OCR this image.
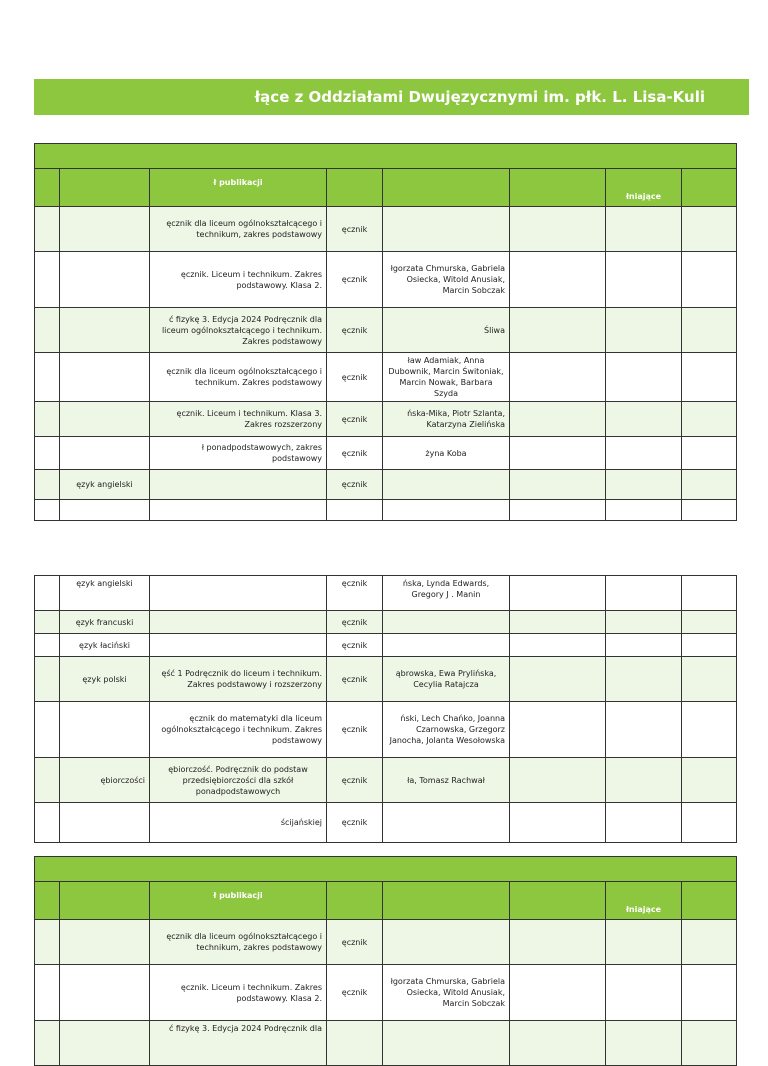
łące z Oddziałami Dwujęzycznymi im. płk. L. Lisa-Kuli

		ł publikacji				łniające	
		ęcznik dla liceum ogólnokształcącego i technikum, zakres podstawowy	ęcznik				
		ęcznik. Liceum i technikum. Zakres podstawowy. Klasa 2.	ęcznik	łgorzata Chmurska, Gabriela Osiecka, Witold Anusiak, Marcin Sobczak			
		ć fizykę 3. Edycja 2024 Podręcznik dla liceum ogólnokształcącego i technikum. Zakres podstawowy	ęcznik	Śliwa			
		ęcznik dla liceum ogólnokształcącego i technikum. Zakres podstawowy	ęcznik	ław Adamiak, Anna Dubownik, Marcin Świtoniak, Marcin Nowak, Barbara Szyda			
		ęcznik. Liceum i technikum. Klasa 3. Zakres rozszerzony	ęcznik	ńska-Mika, Piotr Szlanta, Katarzyna Zielińska			
		ł ponadpodstawowych, zakres podstawowy	ęcznik	żyna Koba			
	ęzyk angielski		ęcznik				

	ęzyk angielski		ęcznik	ńska, Lynda Edwards, Gregory J . Manin			
	ęzyk francuski		ęcznik				
	ęzyk łaciński		ęcznik				
	ęzyk polski	ęść 1 Podręcznik do liceum i technikum. Zakres podstawowy i rozszerzony	ęcznik	ąbrowska, Ewa Prylińska, Cecylia Ratajcza			
		ęcznik do matematyki dla liceum ogólnokształcącego i technikum. Zakres podstawowy	ęcznik	ński, Lech Chańko, Joanna Czarnowska, Grzegorz Janocha, Jolanta Wesołowska			
	ębiorczości	ębiorczość. Podręcznik do podstaw przedsiębiorczości dla szkół ponadpodstawowych	ęcznik	ła, Tomasz Rachwał			
		ścijańskiej	ęcznik				

		ł publikacji				łniające	
		ęcznik dla liceum ogólnokształcącego i technikum, zakres podstawowy	ęcznik				
		ęcznik. Liceum i technikum. Zakres podstawowy. Klasa 2.	ęcznik	łgorzata Chmurska, Gabriela Osiecka, Witold Anusiak, Marcin Sobczak			
		ć fizykę 3. Edycja 2024 Podręcznik dla					
